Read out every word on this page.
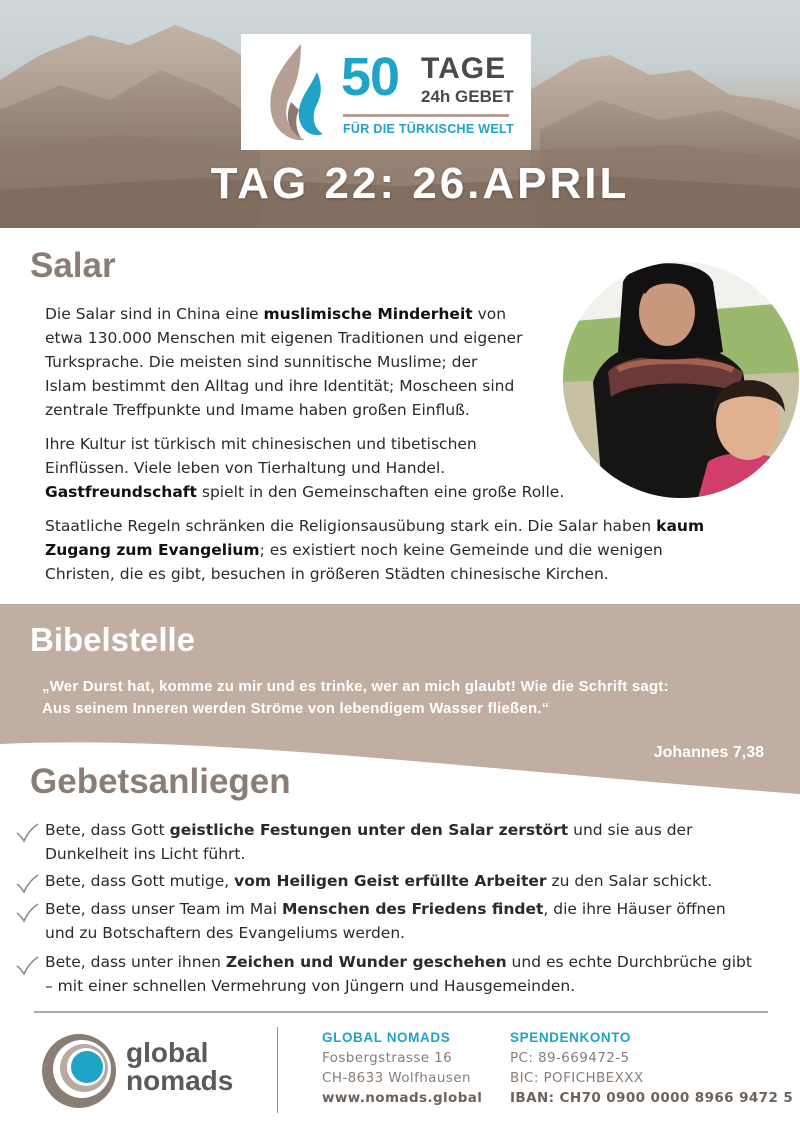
50 TAGE
24h GEBET
FÜR DIE TÜRKISCHE WELT
TAG 22: 26.APRIL
Salar

Die Salar sind in China eine muslimische Minderheit von
etwa 130.000 Menschen mit eigenen Traditionen und eigener
Turksprache. Die meisten sind sunnitische Muslime; der
Islam bestimmt den Alltag und ihre Identität; Moscheen sind
zentrale Treffpunkte und Imame haben großen Einfluß.

Ihre Kultur ist türkisch mit chinesischen und tibetischen
Einflüssen. Viele leben von Tierhaltung und Handel.
Gastfreundschaft spielt in den Gemeinschaften eine große Rolle.

Staatliche Regeln schränken die Religionsausübung stark ein. Die Salar haben kaum
Zugang zum Evangelium; es existiert noch keine Gemeinde und die wenigen
Christen, die es gibt, besuchen in größeren Städten chinesische Kirchen.

Bibelstelle

„Wer Durst hat, komme zu mir und es trinke, wer an mich glaubt! Wie die Schrift sagt:
Aus seinem Inneren werden Ströme von lebendigem Wasser fließen.“

Johannes 7,38
Gebetsanliegen

Bete, dass Gott geistliche Festungen unter den Salar zerstört und sie aus der
Dunkelheit ins Licht führt.

Bete, dass Gott mutige, vom Heiligen Geist erfüllte Arbeiter zu den Salar schickt.

Bete, dass unser Team im Mai Menschen des Friedens findet, die ihre Häuser öffnen
und zu Botschaftern des Evangeliums werden.

Bete, dass unter ihnen Zeichen und Wunder geschehen und es echte Durchbrüche gibt
– mit einer schnellen Vermehrung von Jüngern und Hausgemeinden.

global
nomads
GLOBAL NOMADS
Fosbergstrasse 16
CH-8633 Wolfhausen
www.nomads.global
SPENDENKONTO
PC: 89-669472-5
BIC: POFICHBEXXX
IBAN: CH70 0900 0000 8966 9472 5
